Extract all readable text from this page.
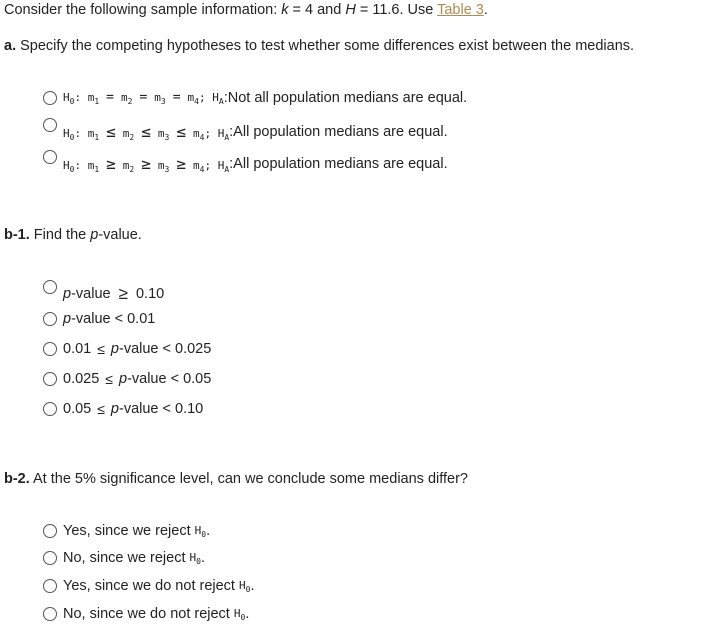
Consider the following sample information: k = 4 and H = 11.6. Use Table 3.
a. Specify the competing hypotheses to test whether some differences exist between the medians.
$H_0$: $m_1 = m_2 = m_3 = m_4$; $H_A$ : Not all population medians are equal.
$H_0$: $m_1 \le m_2 \le m_3 \le m_4$; $H_A$ : All population medians are equal.
$H_0$: $m_1 \ge m_2 \ge m_3 \ge m_4$; $H_A$ : All population medians are equal.
b-1. Find the p-value.
p -value ≥ 0.10
p -value < 0.01
0.01 ≤ p -value < 0.025
0.025 ≤ p -value < 0.05
0.05 ≤ p -value < 0.10
b-2. At the 5% significance level, can we conclude some medians differ?
Yes, since we reject $H_0$ .
No, since we reject $H_0$ .
Yes, since we do not reject $H_0$ .
No, since we do not reject $H_0$ .
